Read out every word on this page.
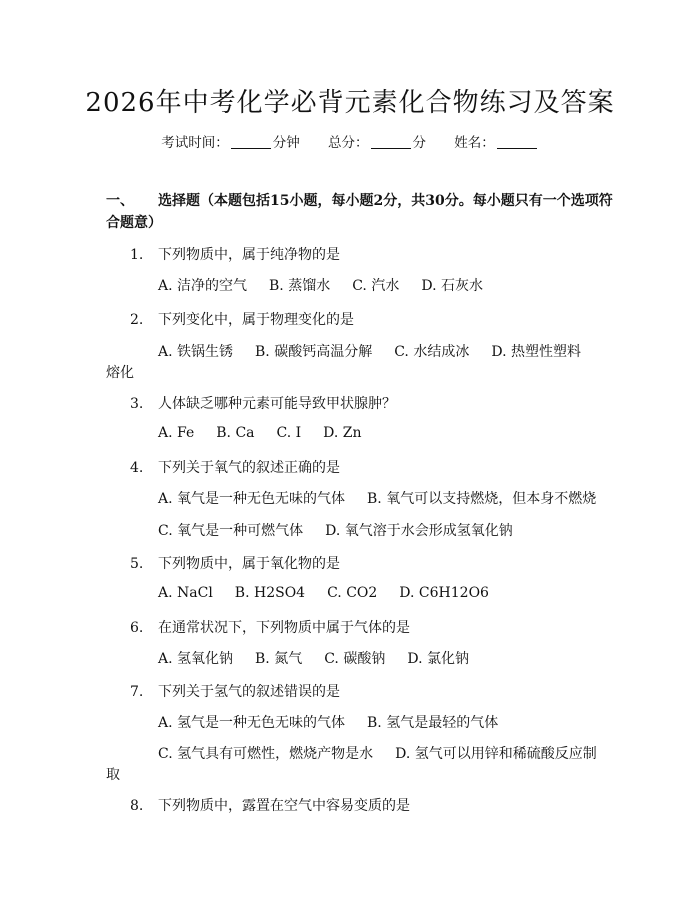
2026年中考化学必背元素化合物练习及答案
考试时间：	分钟 总分：	分 姓名：
一、 选择题（本题包括15小题，每小题2分，共30分。每小题只有一个选项符合题意）
1. 下列物质中，属于纯净物的是
A. 洁净的空气 B. 蒸馏水 C. 汽水 D. 石灰水
2. 下列变化中，属于物理变化的是
A. 铁锅生锈 B. 碳酸钙高温分解 C. 水结成冰 D. 热塑性塑料
熔化
3. 人体缺乏哪种元素可能导致甲状腺肿？
A. Fe B. Ca C. I D. Zn
4. 下列关于氧气的叙述正确的是
A. 氧气是一种无色无味的气体 B. 氧气可以支持燃烧，但本身不燃烧
C. 氧气是一种可燃气体 D. 氧气溶于水会形成氢氧化钠
5. 下列物质中，属于氧化物的是
A. NaCl B. H2SO4 C. CO2 D. C6H12O6
6. 在通常状况下，下列物质中属于气体的是
A. 氢氧化钠 B. 氮气 C. 碳酸钠 D. 氯化钠
7. 下列关于氢气的叙述错误的是
A. 氢气是一种无色无味的气体 B. 氢气是最轻的气体
C. 氢气具有可燃性，燃烧产物是水 D. 氢气可以用锌和稀硫酸反应制
取
8. 下列物质中，露置在空气中容易变质的是
